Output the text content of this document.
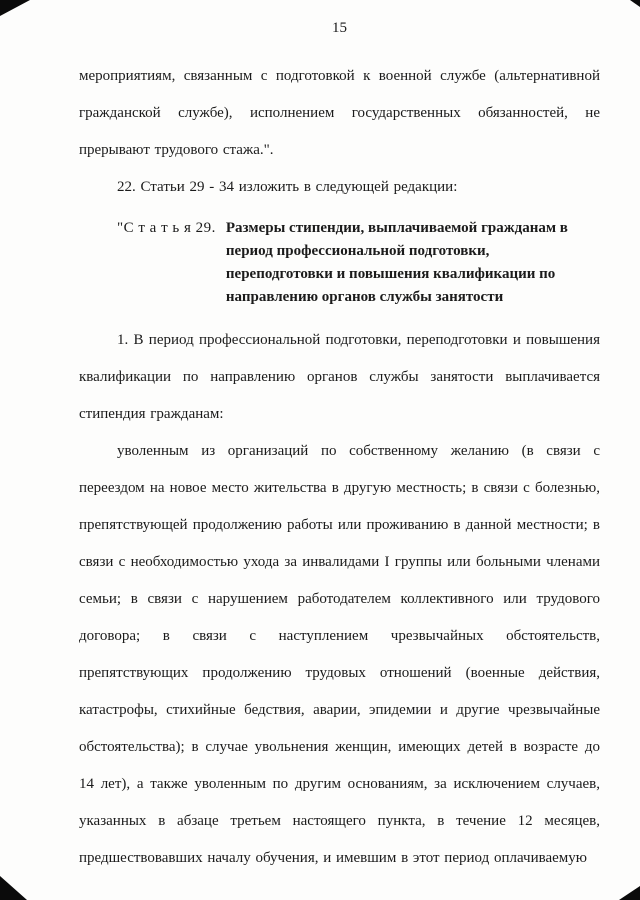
15

мероприятиям, связанным с подготовкой к военной службе (альтернативной гражданской службе), исполнением государственных обязанностей, не прерывают трудового стажа.".

22. Статьи 29 - 34 изложить в следующей редакции:

"С т а т ь я 29. Размеры стипендии, выплачиваемой гражданам в период профессиональной подготовки, переподготовки и повышения квалификации по направлению органов службы занятости

1. В период профессиональной подготовки, переподготовки и повышения квалификации по направлению органов службы занятости выплачивается стипендия гражданам:

уволенным из организаций по собственному желанию (в связи с переездом на новое место жительства в другую местность; в связи с болезнью, препятствующей продолжению работы или проживанию в данной местности; в связи с необходимостью ухода за инвалидами I группы или больными членами семьи; в связи с нарушением работодателем коллективного или трудового договора; в связи с наступлением чрезвычайных обстоятельств, препятствующих продолжению трудовых отношений (военные действия, катастрофы, стихийные бедствия, аварии, эпидемии и другие чрезвычайные обстоятельства); в случае увольнения женщин, имеющих детей в возрасте до 14 лет), а также уволенным по другим основаниям, за исключением случаев, указанных в абзаце третьем настоящего пункта, в течение 12 месяцев, предшествовавших началу обучения, и имевшим в этот период оплачиваемую
